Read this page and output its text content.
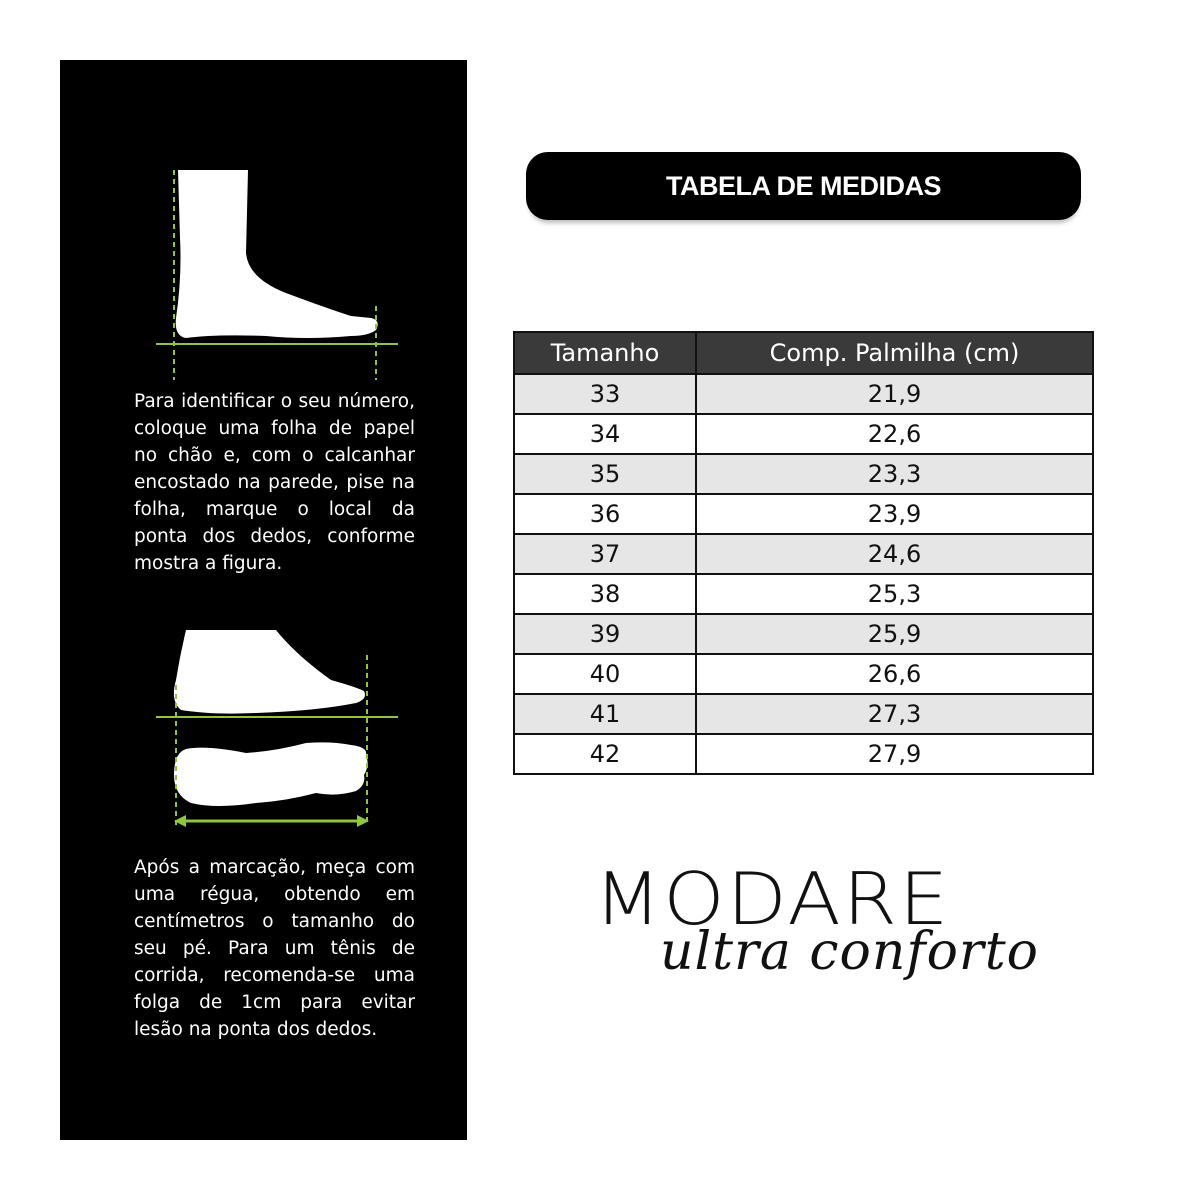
Para identificar o seu número, coloque uma folha de papel no chão e, com o calcanhar encostado na parede, pise na folha, marque o local da ponta dos dedos, conforme mostra a figura.

Após a marcação, meça com uma régua, obtendo em centímetros o tamanho do seu pé. Para um tênis de corrida, recomenda-se uma folga de 1cm para evitar lesão na ponta dos dedos.

TABELA DE MEDIDAS
Tamanho	Comp. Palmilha (cm)
33	21,9
34	22,6
35	23,3
36	23,9
37	24,6
38	25,3
39	25,9
40	26,6
41	27,3
42	27,9

MODARE

ultra conforto
